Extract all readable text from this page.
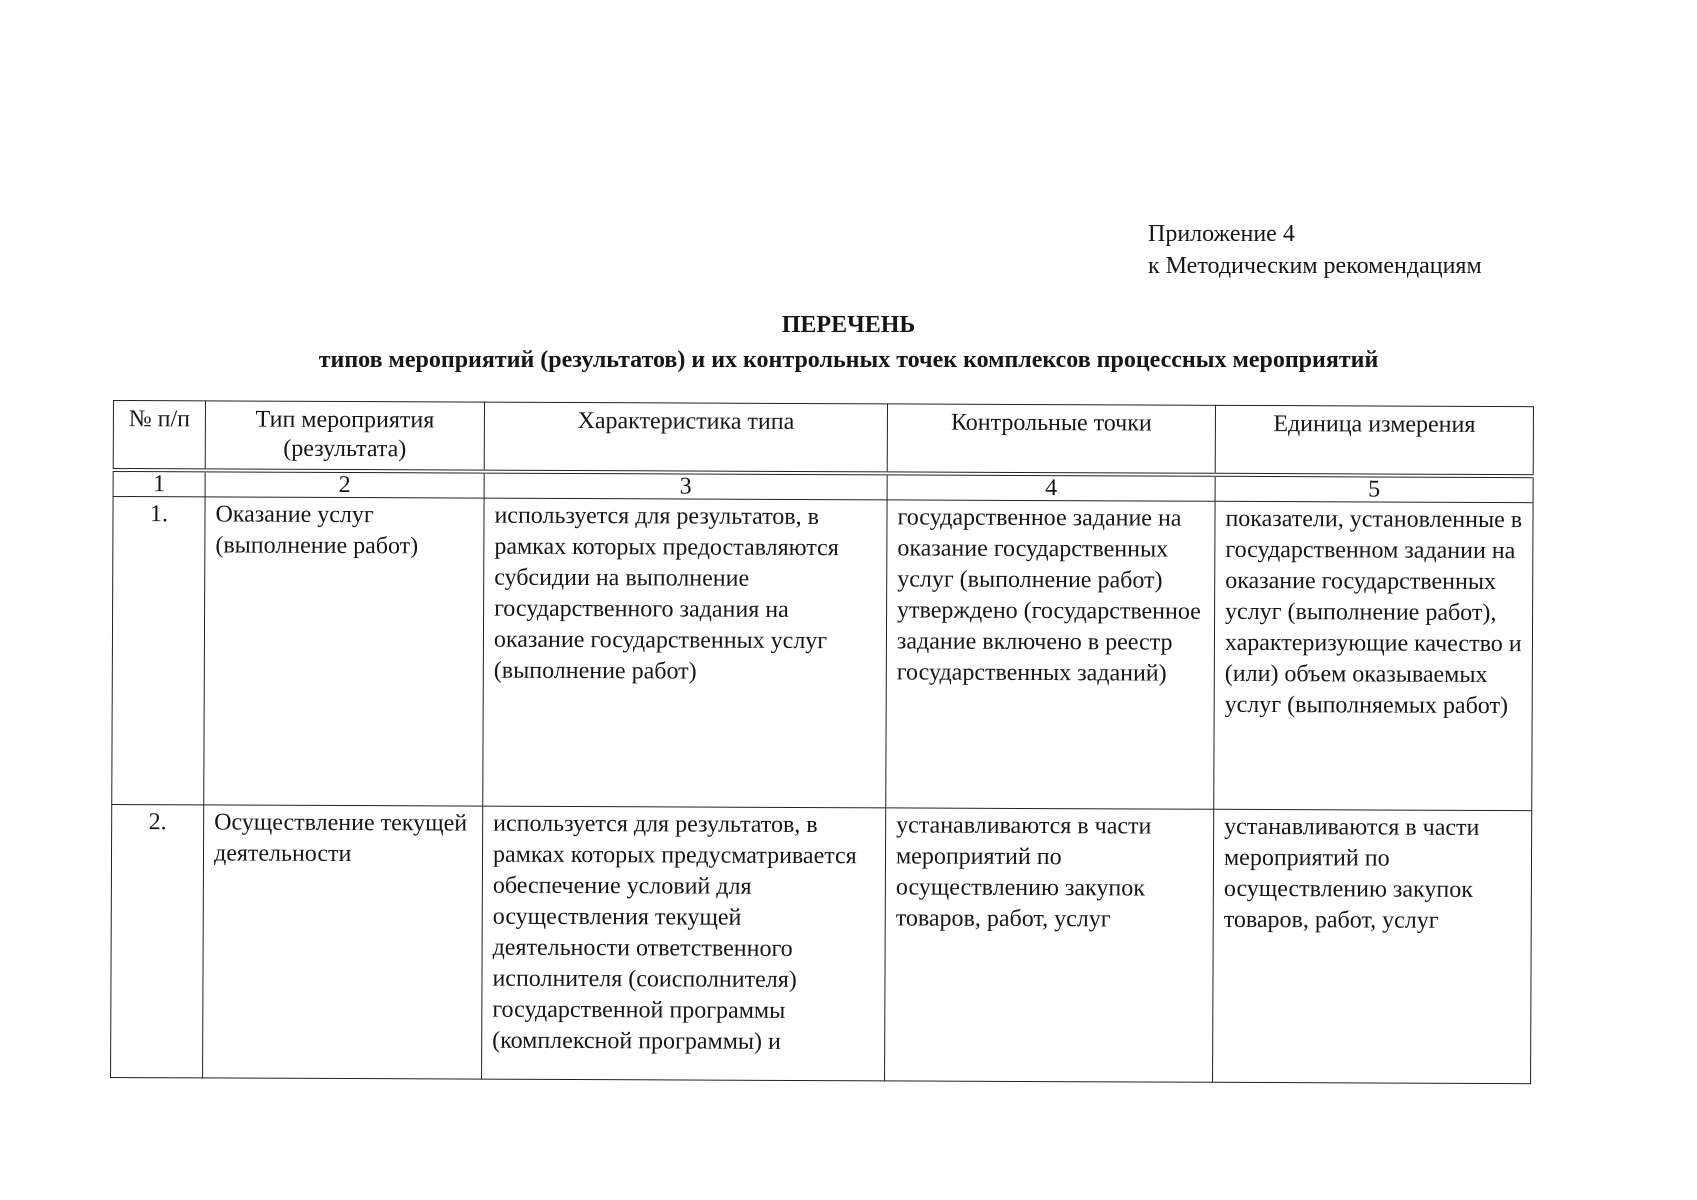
Приложение 4
к Методическим рекомендациям
ПЕРЕЧЕНЬ
типов мероприятий (результатов) и их контрольных точек комплексов процессных мероприятий
№ п/п	Тип мероприятия (результата)	Характеристика типа	Контрольные точки	Единица измерения
1	2	3	4	5
1.	Оказание услуг (выполнение работ)	используется для результатов, в рамках которых предоставляются субсидии на выполнение государственного задания на оказание государственных услуг (выполнение работ)	государственное задание на оказание государственных услуг (выполнение работ) утверждено (государственное задание включено в реестр государственных заданий)	показатели, установленные в государственном задании на оказание государственных услуг (выполнение работ), характеризующие качество и (или) объем оказываемых услуг (выполняемых работ)
2.	Осуществление текущей деятельности	используется для результатов, в рамках которых предусматривается обеспечение условий для осуществления текущей деятельности ответственного исполнителя (соисполнителя) государственной программы (комплексной программы) и	устанавливаются в части мероприятий по осуществлению закупок товаров, работ, услуг	устанавливаются в части мероприятий по осуществлению закупок товаров, работ, услуг
